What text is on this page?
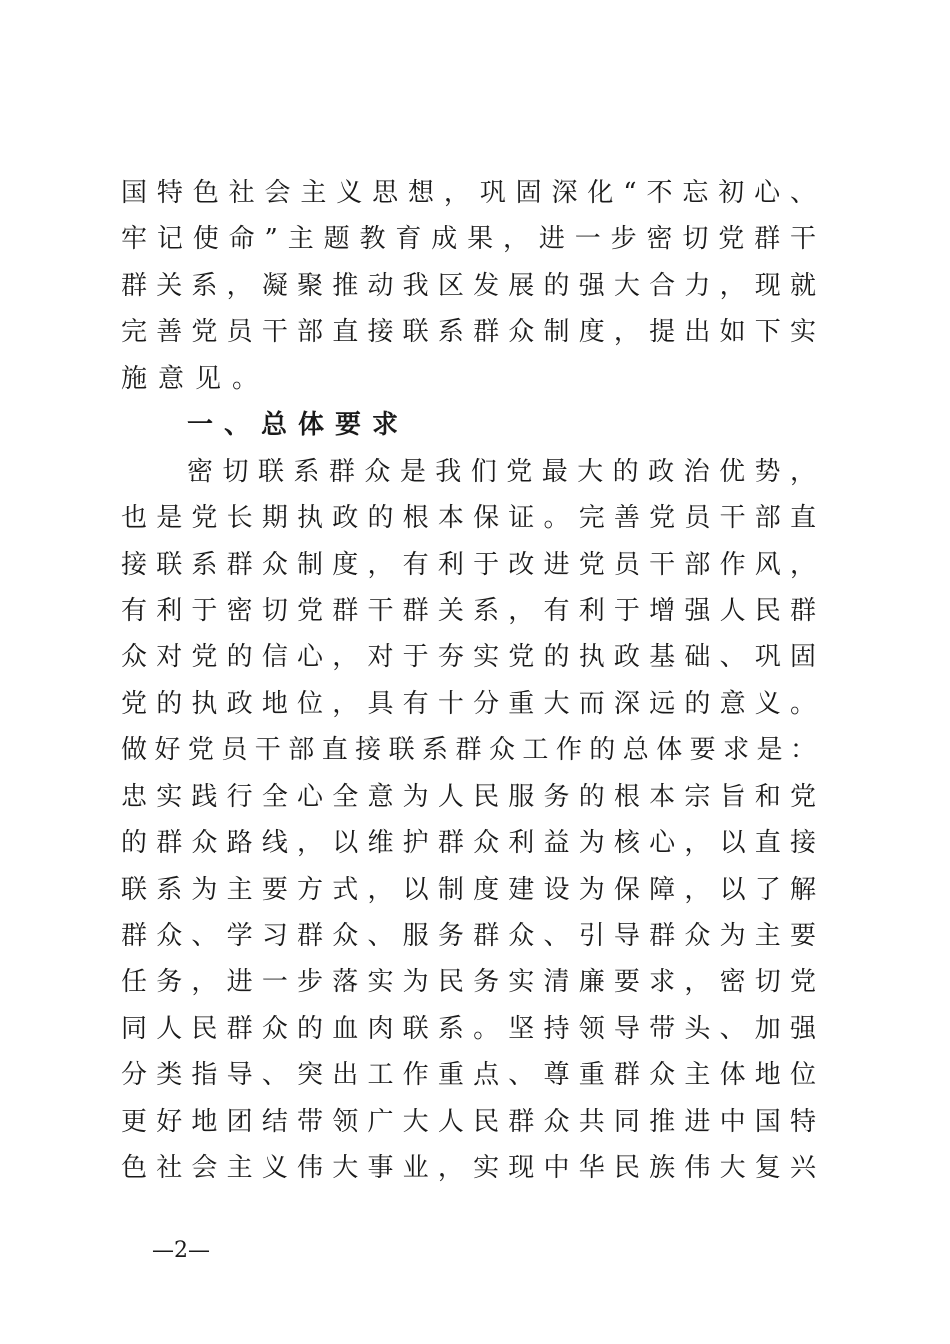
国特色社会主义思想，巩固深化“不忘初心、
牢记使命”主题教育成果，进一步密切党群干
群关系，凝聚推动我区发展的强大合力，现就
完善党员干部直接联系群众制度，提出如下实
施意见。
一、总体要求
密切联系群众是我们党最大的政治优势，
也是党长期执政的根本保证。完善党员干部直
接联系群众制度，有利于改进党员干部作风，
有利于密切党群干群关系，有利于增强人民群
众对党的信心，对于夯实党的执政基础、巩固
党的执政地位，具有十分重大而深远的意义。
做好党员干部直接联系群众工作的总体要求是：
忠实践行全心全意为人民服务的根本宗旨和党
的群众路线，以维护群众利益为核心，以直接
联系为主要方式，以制度建设为保障，以了解
群众、学习群众、服务群众、引导群众为主要
任务，进一步落实为民务实清廉要求，密切党
同人民群众的血肉联系。坚持领导带头、加强
分类指导、突出工作重点、尊重群众主体地位
更好地团结带领广大人民群众共同推进中国特
色社会主义伟大事业，实现中华民族伟大复兴
—2—
